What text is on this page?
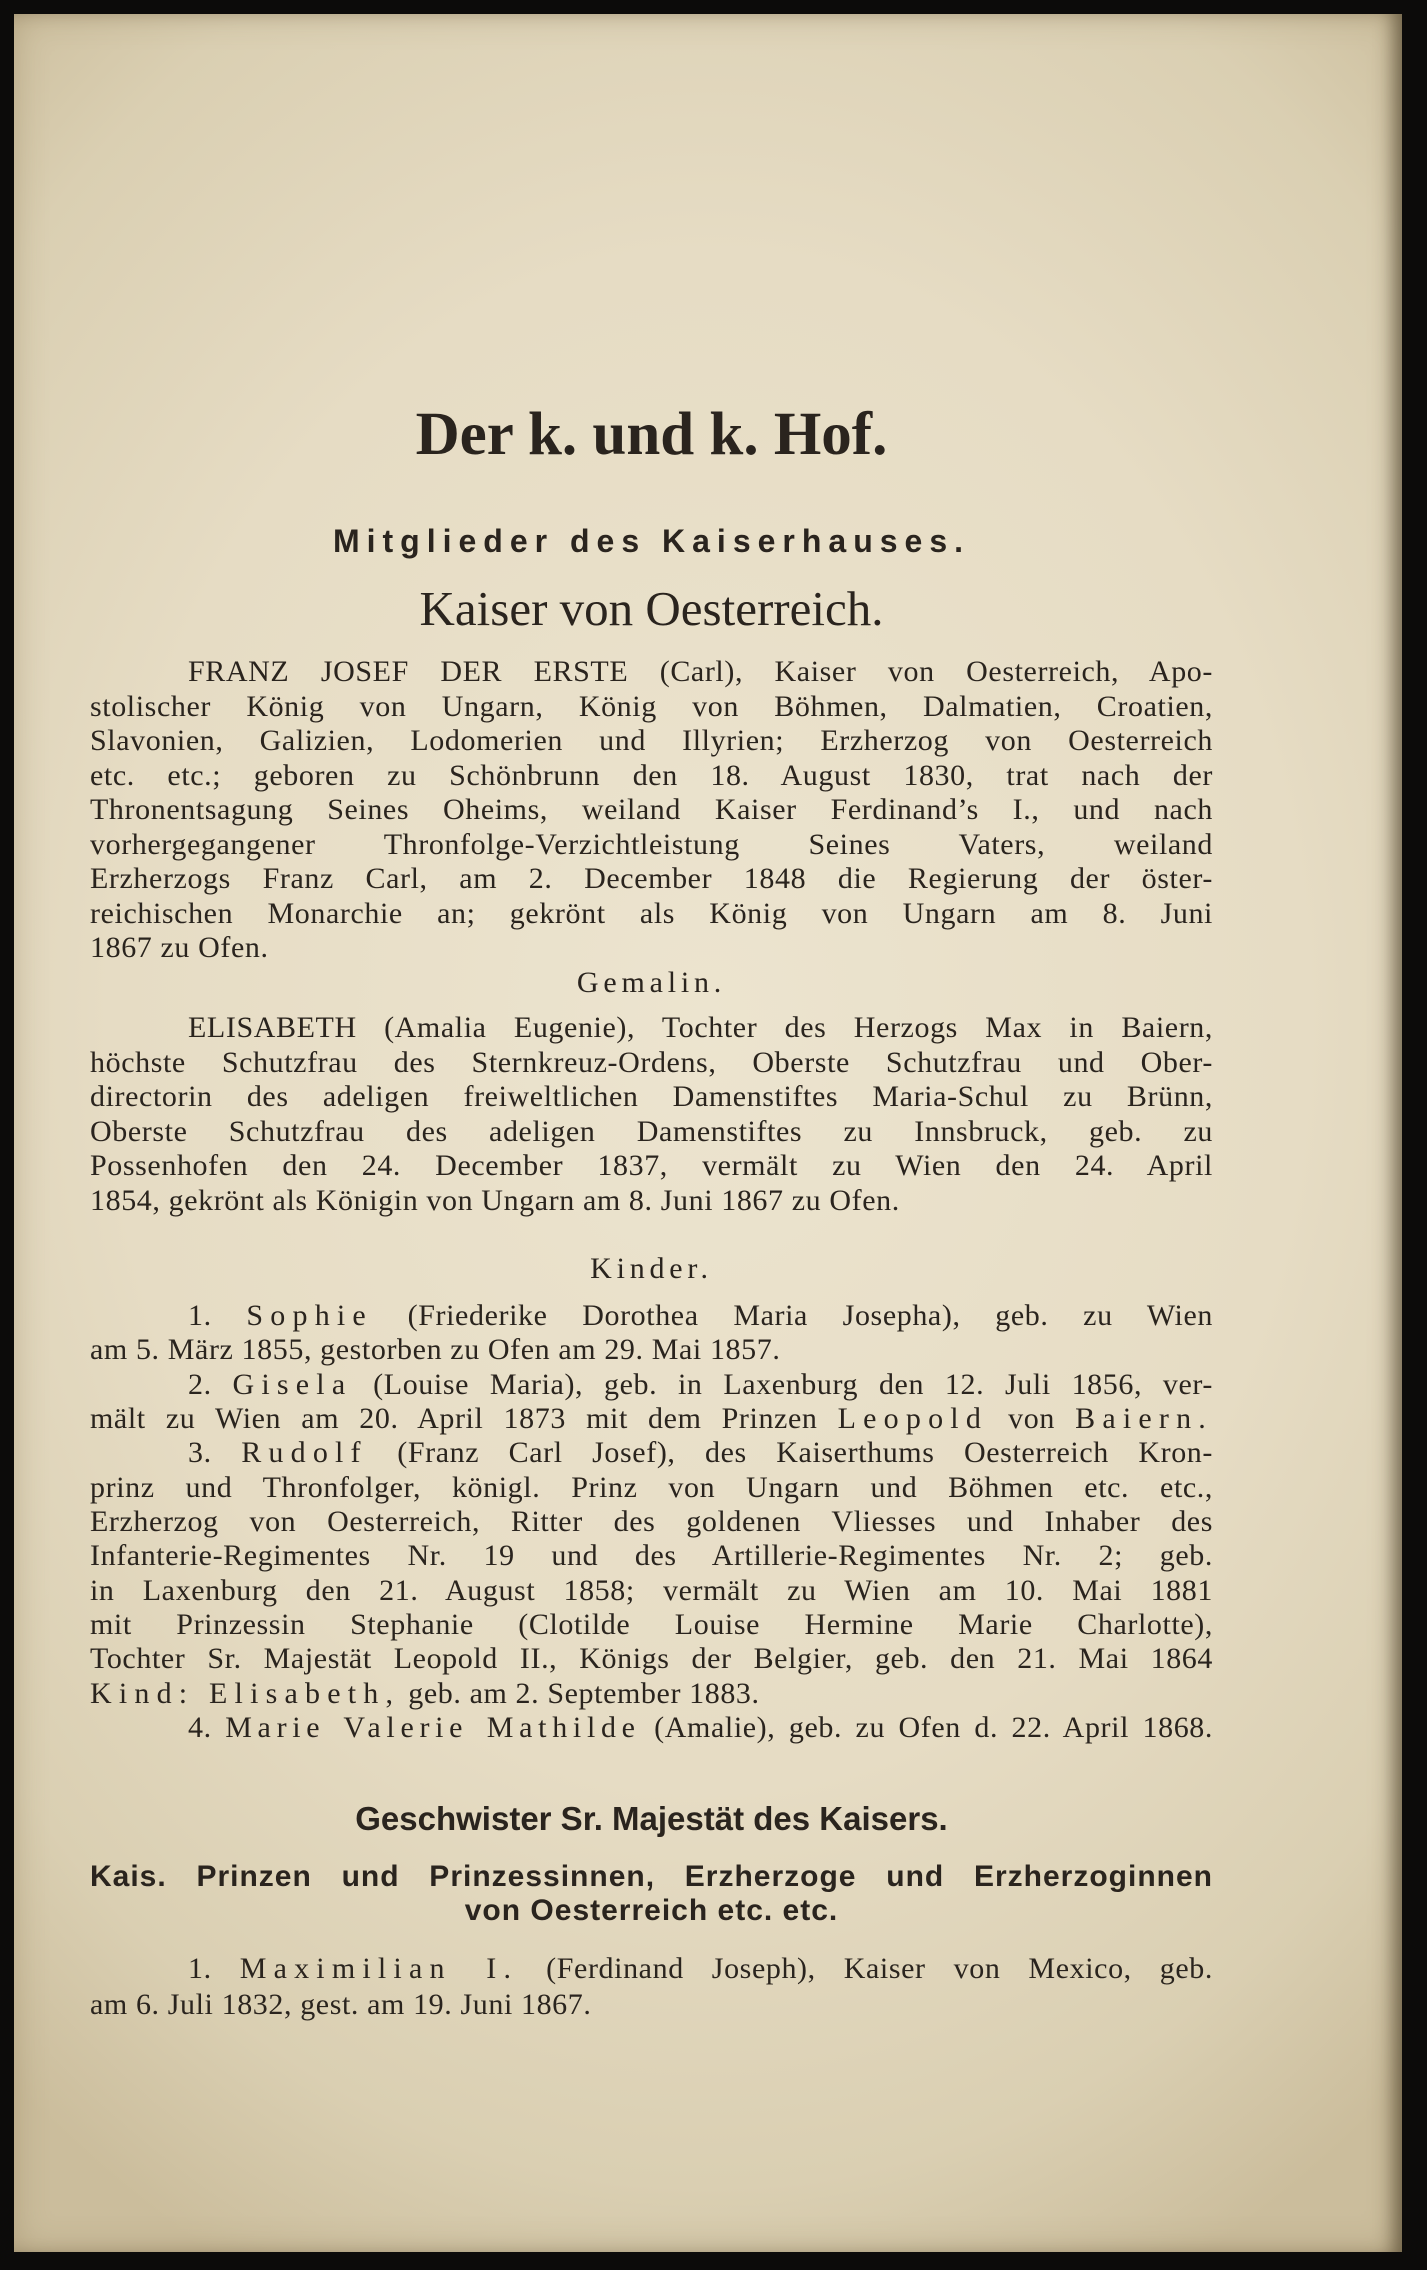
Der k. und k. Hof.
Mitglieder des Kaiserhauses.
Kaiser von Oesterreich.
FRANZ JOSEF DER ERSTE (Carl), Kaiser von Oesterreich, Apo-
stolischer König von Ungarn, König von Böhmen, Dalmatien, Croatien,
Slavonien, Galizien, Lodomerien und Illyrien; Erzherzog von Oesterreich
etc. etc.; geboren zu Schönbrunn den 18. August 1830, trat nach der
Thronentsagung Seines Oheims, weiland Kaiser Ferdinand’s I., und nach
vorhergegangener Thronfolge-Verzichtleistung Seines Vaters, weiland
Erzherzogs Franz Carl, am 2. December 1848 die Regierung der öster-
reichischen Monarchie an; gekrönt als König von Ungarn am 8. Juni
1867 zu Ofen.
Gemalin.
ELISABETH (Amalia Eugenie), Tochter des Herzogs Max in Baiern,
höchste Schutzfrau des Sternkreuz-Ordens, Oberste Schutzfrau und Ober-
directorin des adeligen freiweltlichen Damenstiftes Maria-Schul zu Brünn,
Oberste Schutzfrau des adeligen Damenstiftes zu Innsbruck, geb. zu
Possenhofen den 24. December 1837, vermält zu Wien den 24. April
1854, gekrönt als Königin von Ungarn am 8. Juni 1867 zu Ofen.
Kinder.
1. Sophie (Friederike Dorothea Maria Josepha), geb. zu Wien
am 5. März 1855, gestorben zu Ofen am 29. Mai 1857.
2. Gisela (Louise Maria), geb. in Laxenburg den 12. Juli 1856, ver-
mält zu Wien am 20. April 1873 mit dem Prinzen Leopold von Baiern.
3. Rudolf (Franz Carl Josef), des Kaiserthums Oesterreich Kron-
prinz und Thronfolger, königl. Prinz von Ungarn und Böhmen etc. etc.,
Erzherzog von Oesterreich, Ritter des goldenen Vliesses und Inhaber des
Infanterie-Regimentes Nr. 19 und des Artillerie-Regimentes Nr. 2; geb.
in Laxenburg den 21. August 1858; vermält zu Wien am 10. Mai 1881
mit Prinzessin Stephanie (Clotilde Louise Hermine Marie Charlotte),
Tochter Sr. Majestät Leopold II., Königs der Belgier, geb. den 21. Mai 1864
Kind: Elisabeth, geb. am 2. September 1883.
4. Marie Valerie Mathilde (Amalie), geb. zu Ofen d. 22. April 1868.
Geschwister Sr. Majestät des Kaisers.
Kais. Prinzen und Prinzessinnen, Erzherzoge und Erzherzoginnen
von Oesterreich etc. etc.
1. Maximilian I. (Ferdinand Joseph), Kaiser von Mexico, geb.
am 6. Juli 1832, gest. am 19. Juni 1867.
